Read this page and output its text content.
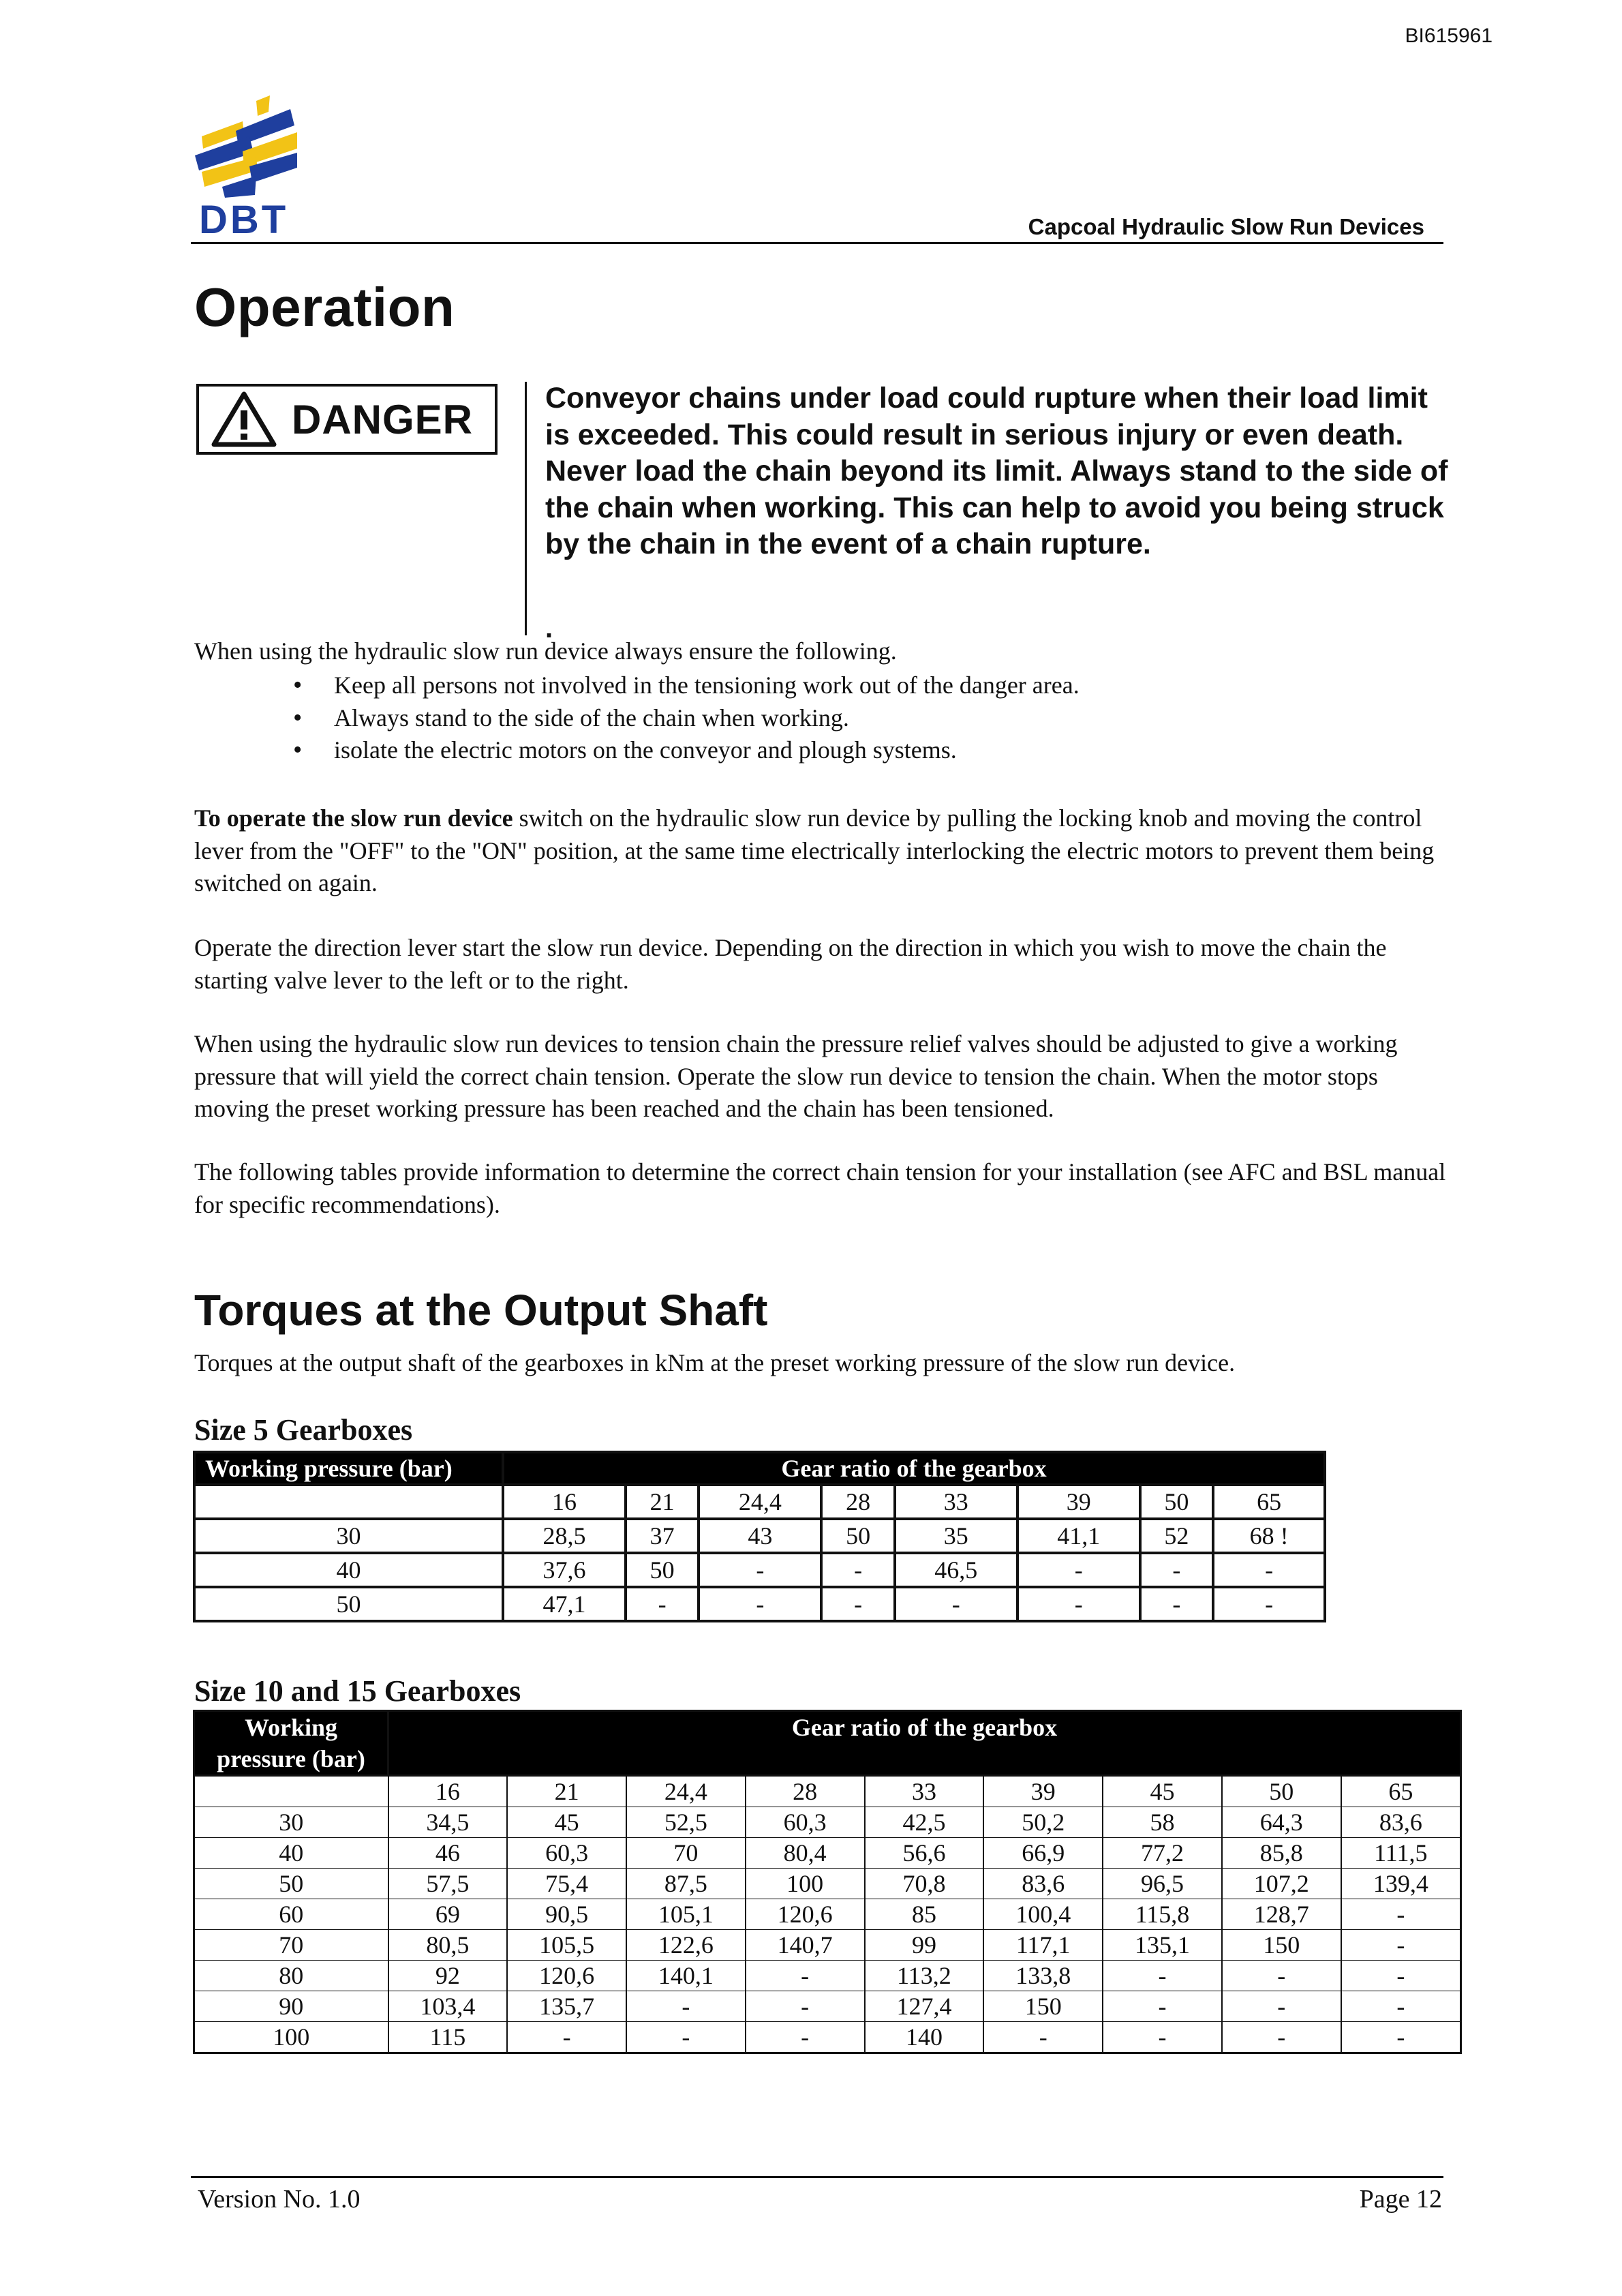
BI615961
DBT	Capcoal Hydraulic Slow Run Devices
Operation
DANGER Conveyor chains under load could rupture when their load limit is exceeded. This could result in serious injury or even death.

Never load the chain beyond its limit. Always stand to the side of the chain when working. This can help to avoid you being struck by the chain in the event of a chain rupture.

.
When using the hydraulic slow run device always ensure the following.
• Keep all persons not involved in the tensioning work out of the danger area.
• Always stand to the side of the chain when working.
• isolate the electric motors on the conveyor and plough systems.

To operate the slow run device switch on the hydraulic slow run device by pulling the locking knob and moving the control lever from the "OFF" to the "ON" position, at the same time electrically interlocking the electric motors to prevent them being switched on again.

Operate the direction lever start the slow run device. Depending on the direction in which you wish to move the chain the starting valve lever to the left or to the right.

When using the hydraulic slow run devices to tension chain the pressure relief valves should be adjusted to give a working pressure that will yield the correct chain tension. Operate the slow run device to tension the chain. When the motor stops moving the preset working pressure has been reached and the chain has been tensioned.

The following tables provide information to determine the correct chain tension for your installation (see AFC and BSL manual for specific recommendations).

Torques at the Output Shaft
Torques at the output shaft of the gearboxes in kNm at the preset working pressure of the slow run device.
Size 5 Gearboxes
Working pressure (bar)	Gear ratio of the gearbox							
	16	21	24,4	28	33	39	50	65
30	28,5	37	43	50	35	41,1	52	68 !
40	37,6	50	-	-	46,5	-	-	-
50	47,1	-	-	-	-	-	-	-
Size 10 and 15 Gearboxes
Working
pressure (bar)	Gear ratio of the gearbox								
	16	21	24,4	28	33	39	45	50	65
30	34,5	45	52,5	60,3	42,5	50,2	58	64,3	83,6
40	46	60,3	70	80,4	56,6	66,9	77,2	85,8	111,5
50	57,5	75,4	87,5	100	70,8	83,6	96,5	107,2	139,4
60	69	90,5	105,1	120,6	85	100,4	115,8	128,7	-
70	80,5	105,5	122,6	140,7	99	117,1	135,1	150	-
80	92	120,6	140,1	-	113,2	133,8	-	-	-
90	103,4	135,7	-	-	127,4	150	-	-	-
100	115	-	-	-	140	-	-	-	-
Version No. 1.0	Page 12
